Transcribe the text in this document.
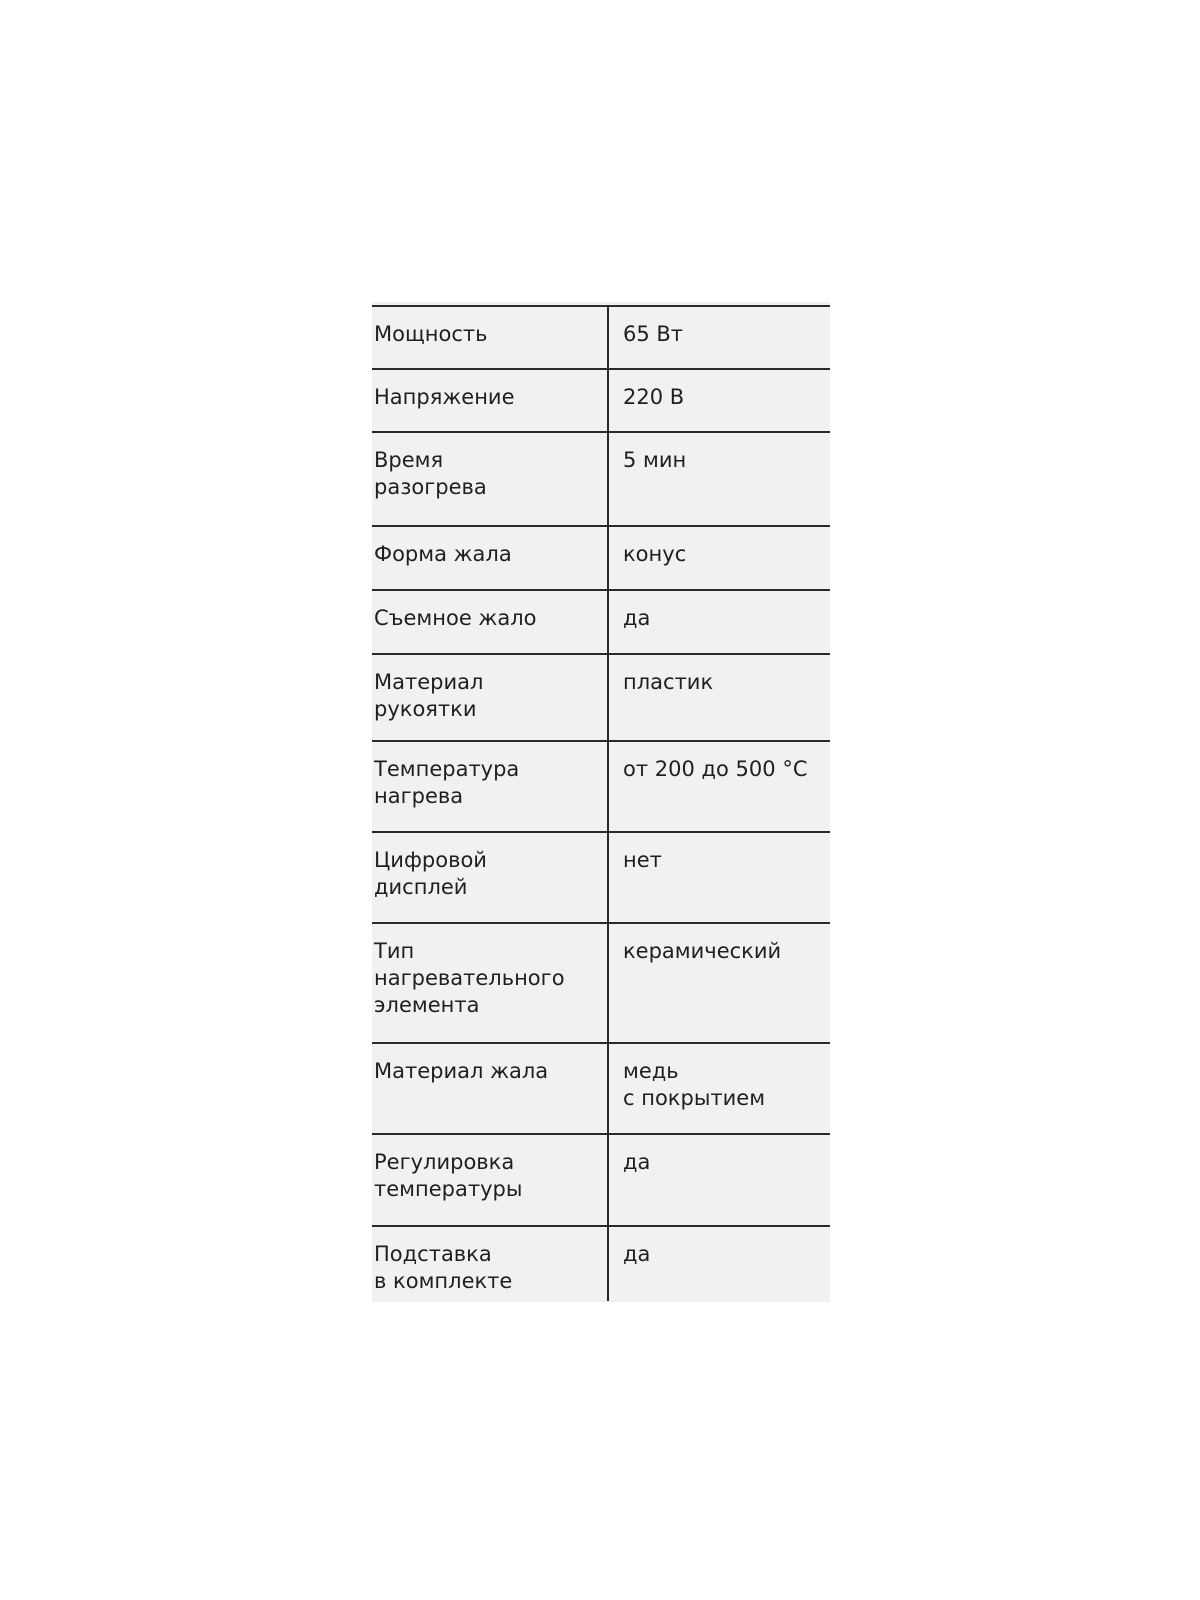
Мощность	65 Вт
Напряжение	220 В
Время
разогрева	5 мин
Форма жала	конус
Съемное жало	да
Материал
рукоятки	пластик
Температура
нагрева	от 200 до 500 °С
Цифровой
дисплей	нет
Тип
нагревательного
элемента	керамический
Материал жала	медь
с покрытием
Регулировка
температуры	да
Подставка
в комплекте	да
